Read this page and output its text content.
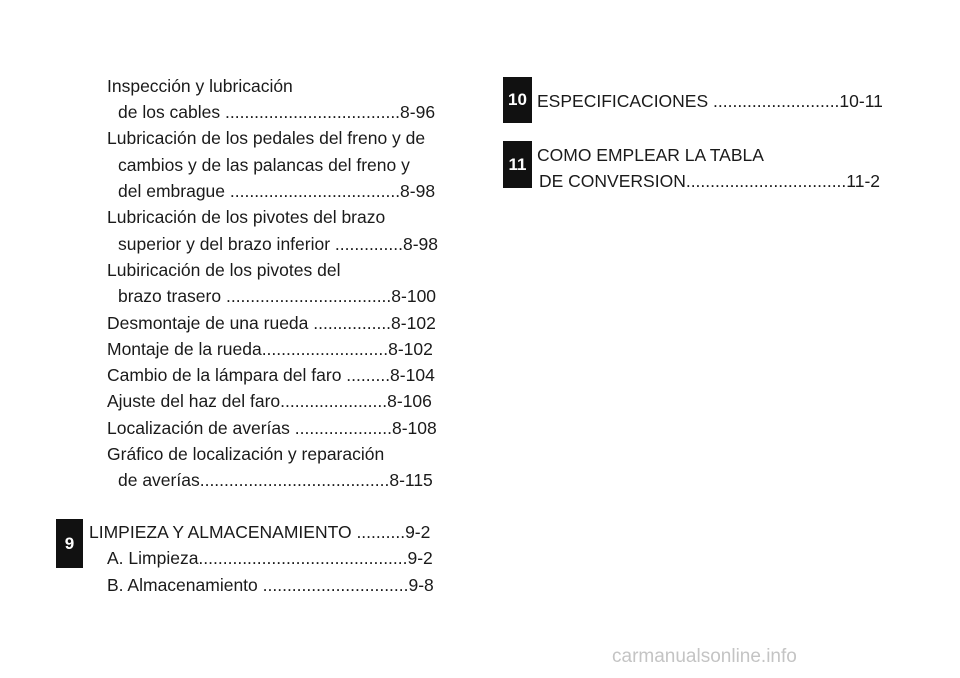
Inspección y lubricación

de los cables ....................................8-96

Lubricación de los pedales del freno y de

cambios y de las palancas del freno y

del embrague ...................................8-98

Lubricación de los pivotes del brazo

superior y del brazo inferior ..............8-98

Lubiricación de los pivotes del

brazo trasero ..................................8-100

Desmontaje de una rueda ................8-102

Montaje de la rueda..........................8-102

Cambio de la lámpara del faro .........8-104

Ajuste del haz del faro......................8-106

Localización de averías ....................8-108

Gráfico de localización y reparación

de averías.......................................8-115

9

LIMPIEZA Y ALMACENAMIENTO ..........9-2

A. Limpieza...........................................9-2

B. Almacenamiento ..............................9-8

10 ESPECIFICACIONES ..........................10-11

11 COMO EMPLEAR LA TABLA

DE CONVERSION.................................11-2

carmanualsonline.info
